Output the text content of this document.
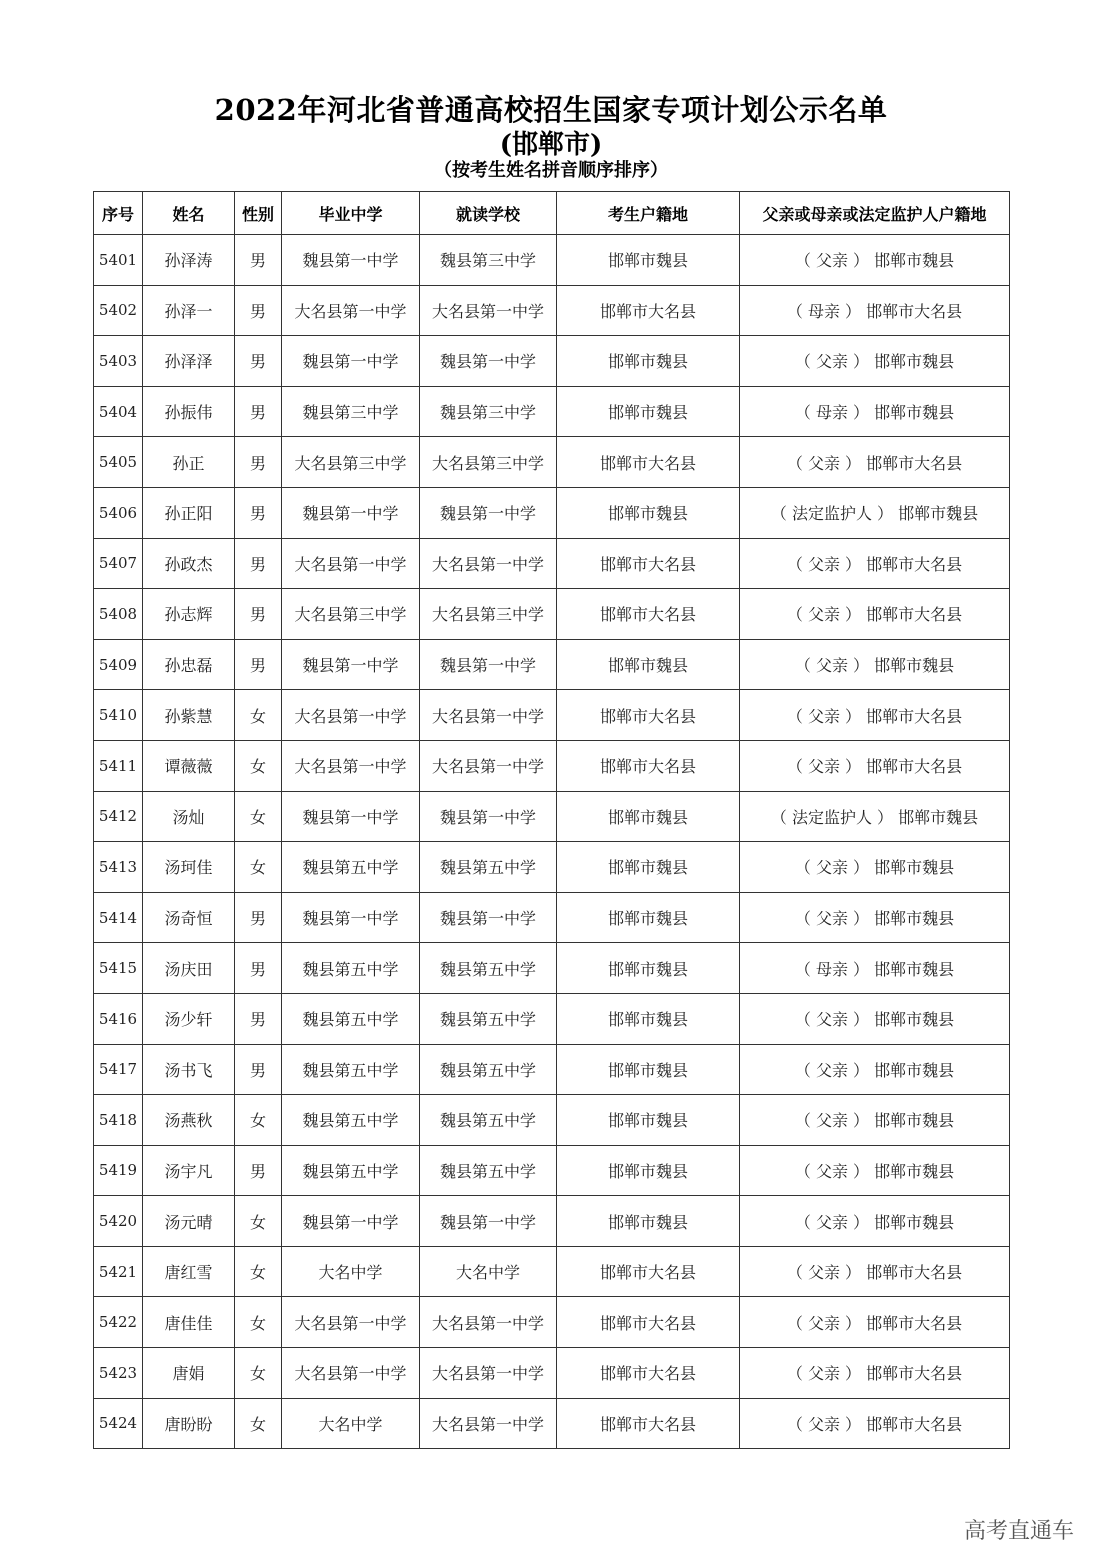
2022年河北省普通高校招生国家专项计划公示名单
(邯郸市)
（按考生姓名拼音顺序排序）
序号	姓名	性别	毕业中学	就读学校	考生户籍地	父亲或母亲或法定监护人户籍地
5401	孙泽涛	男	魏县第一中学	魏县第三中学	邯郸市魏县	（ 父亲 ） 邯郸市魏县
5402	孙泽一	男	大名县第一中学	大名县第一中学	邯郸市大名县	（ 母亲 ） 邯郸市大名县
5403	孙泽泽	男	魏县第一中学	魏县第一中学	邯郸市魏县	（ 父亲 ） 邯郸市魏县
5404	孙振伟	男	魏县第三中学	魏县第三中学	邯郸市魏县	（ 母亲 ） 邯郸市魏县
5405	孙正	男	大名县第三中学	大名县第三中学	邯郸市大名县	（ 父亲 ） 邯郸市大名县
5406	孙正阳	男	魏县第一中学	魏县第一中学	邯郸市魏县	（ 法定监护人 ） 邯郸市魏县
5407	孙政杰	男	大名县第一中学	大名县第一中学	邯郸市大名县	（ 父亲 ） 邯郸市大名县
5408	孙志辉	男	大名县第三中学	大名县第三中学	邯郸市大名县	（ 父亲 ） 邯郸市大名县
5409	孙忠磊	男	魏县第一中学	魏县第一中学	邯郸市魏县	（ 父亲 ） 邯郸市魏县
5410	孙紫慧	女	大名县第一中学	大名县第一中学	邯郸市大名县	（ 父亲 ） 邯郸市大名县
5411	谭薇薇	女	大名县第一中学	大名县第一中学	邯郸市大名县	（ 父亲 ） 邯郸市大名县
5412	汤灿	女	魏县第一中学	魏县第一中学	邯郸市魏县	（ 法定监护人 ） 邯郸市魏县
5413	汤珂佳	女	魏县第五中学	魏县第五中学	邯郸市魏县	（ 父亲 ） 邯郸市魏县
5414	汤奇恒	男	魏县第一中学	魏县第一中学	邯郸市魏县	（ 父亲 ） 邯郸市魏县
5415	汤庆田	男	魏县第五中学	魏县第五中学	邯郸市魏县	（ 母亲 ） 邯郸市魏县
5416	汤少轩	男	魏县第五中学	魏县第五中学	邯郸市魏县	（ 父亲 ） 邯郸市魏县
5417	汤书飞	男	魏县第五中学	魏县第五中学	邯郸市魏县	（ 父亲 ） 邯郸市魏县
5418	汤燕秋	女	魏县第五中学	魏县第五中学	邯郸市魏县	（ 父亲 ） 邯郸市魏县
5419	汤宇凡	男	魏县第五中学	魏县第五中学	邯郸市魏县	（ 父亲 ） 邯郸市魏县
5420	汤元晴	女	魏县第一中学	魏县第一中学	邯郸市魏县	（ 父亲 ） 邯郸市魏县
5421	唐红雪	女	大名中学	大名中学	邯郸市大名县	（ 父亲 ） 邯郸市大名县
5422	唐佳佳	女	大名县第一中学	大名县第一中学	邯郸市大名县	（ 父亲 ） 邯郸市大名县
5423	唐娟	女	大名县第一中学	大名县第一中学	邯郸市大名县	（ 父亲 ） 邯郸市大名县
5424	唐盼盼	女	大名中学	大名县第一中学	邯郸市大名县	（ 父亲 ） 邯郸市大名县
高考直通车
